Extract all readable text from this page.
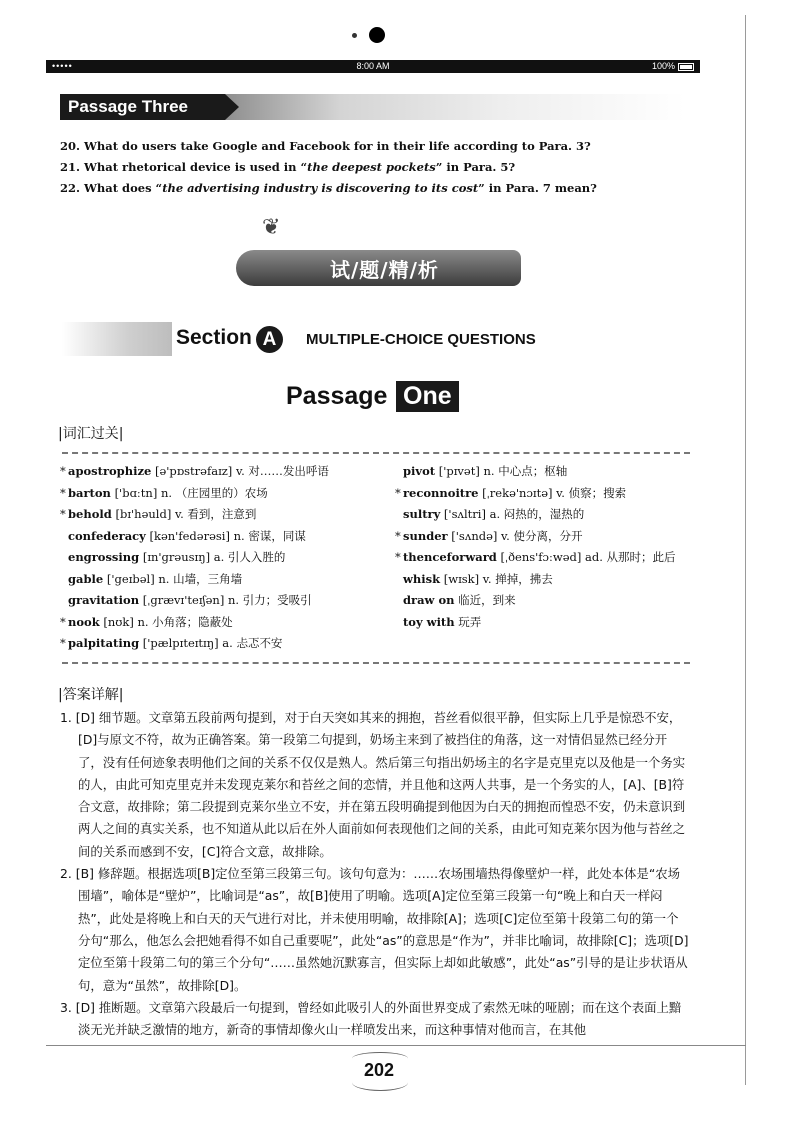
•••••	8:00 AM	100%
Passage Three
20. What do users take Google and Facebook for in their life according to Para. 3?
21. What rhetorical device is used in “the deepest pockets” in Para. 5?
22. What does “the advertising industry is discovering to its cost” in Para. 7 mean?
❦
试/题/精/析
Section A	MULTIPLE-CHOICE QUESTIONS
Passage One
|词汇过关|
* apostrophize [ə'pɒstrəfaɪz] v. 对……发出呼语
* barton ['bɑːtn] n. （庄园里的）农场
* behold [bɪ'həuld] v. 看到，注意到
confederacy [kən'fedərəsi] n. 密谋，同谋
engrossing [ɪn'grəusɪŋ] a. 引人入胜的
gable ['geɪbəl] n. 山墙，三角墙
gravitation [ˌgrævɪ'teɪʃən] n. 引力；受吸引
* nook [nʊk] n. 小角落；隐蔽处
* palpitating ['pælpɪteɪtɪŋ] a. 忐忑不安
pivot ['pɪvət] n. 中心点；枢轴
* reconnoitre [ˌrekə'nɔɪtə] v. 侦察；搜索
sultry ['sʌltri] a. 闷热的，湿热的
* sunder ['sʌndə] v. 使分离，分开
* thenceforward [ˌðens'fɔːwəd] ad. 从那时；此后
whisk [wɪsk] v. 掸掉，拂去
draw on 临近，到来
toy with 玩弄
|答案详解|

1. [D] 细节题。文章第五段前两句提到，对于白天突如其来的拥抱，苔丝看似很平静，但实际上几乎是惊恐不安，[D]与原文不符，故为正确答案。第一段第二句提到，奶场主来到了被挡住的角落，这一对情侣显然已经分开了，没有任何迹象表明他们之间的关系不仅仅是熟人。然后第三句指出奶场主的名字是克里克以及他是一个务实的人，由此可知克里克并未发现克莱尔和苔丝之间的恋情，并且他和这两人共事，是一个务实的人，[A]、[B]符合文意，故排除；第二段提到克莱尔坐立不安，并在第五段明确提到他因为白天的拥抱而惶恐不安，仍未意识到两人之间的真实关系，也不知道从此以后在外人面前如何表现他们之间的关系，由此可知克莱尔因为他与苔丝之间的关系而感到不安，[C]符合文意，故排除。

2. [B] 修辞题。根据选项[B]定位至第三段第三句。该句句意为：……农场围墙热得像壁炉一样，此处本体是“农场围墙”，喻体是“壁炉”，比喻词是“as”，故[B]使用了明喻。选项[A]定位至第三段第一句“晚上和白天一样闷热”，此处是将晚上和白天的天气进行对比，并未使用明喻，故排除[A]；选项[C]定位至第十段第二句的第一个分句“那么，他怎么会把她看得不如自己重要呢”，此处“as”的意思是“作为”，并非比喻词，故排除[C]；选项[D]定位至第十段第二句的第三个分句“……虽然她沉默寡言，但实际上却如此敏感”，此处“as”引导的是让步状语从句，意为“虽然”，故排除[D]。

3. [D] 推断题。文章第六段最后一句提到，曾经如此吸引人的外面世界变成了索然无味的哑剧；而在这个表面上黯淡无光并缺乏激情的地方，新奇的事情却像火山一样喷发出来，而这种事情对他而言，在其他

202
